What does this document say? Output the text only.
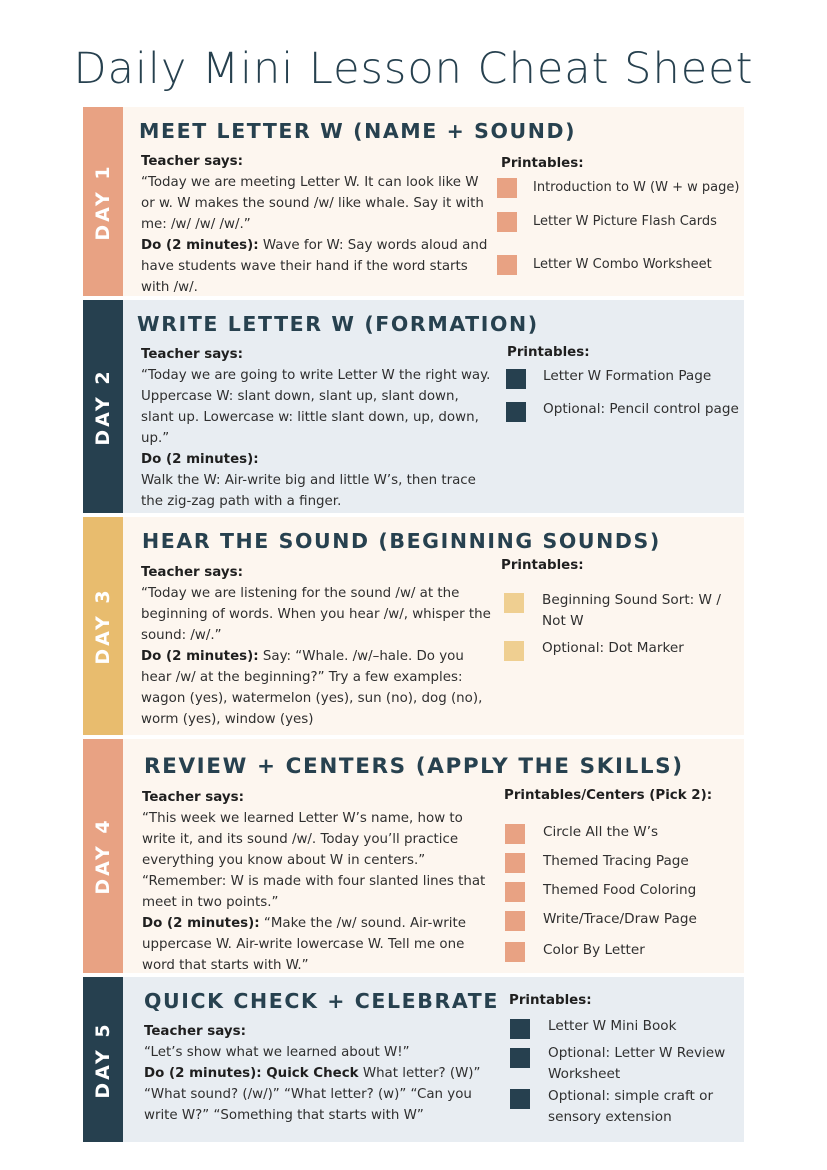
Daily Mini Lesson Cheat Sheet
DAY 1
MEET LETTER W (NAME + SOUND)
Teacher says:
“Today we are meeting Letter W. It can look like W or w. W makes the sound /w/ like whale. Say it with me: /w/ /w/ /w/.”
Do (2 minutes): Wave for W: Say words aloud and have students wave their hand if the word starts with /w/.
Printables:
Introduction to W (W + w page)
Letter W Picture Flash Cards
Letter W Combo Worksheet
DAY 2
WRITE LETTER W (FORMATION)
Teacher says:
“Today we are going to write Letter W the right way. Uppercase W: slant down, slant up, slant down, slant up. Lowercase w: little slant down, up, down, up.”
Do (2 minutes):
Walk the W: Air-write big and little W’s, then trace the zig-zag path with a finger.
Printables:
Letter W Formation Page
Optional: Pencil control page
DAY 3
HEAR THE SOUND (BEGINNING SOUNDS)
Teacher says:
“Today we are listening for the sound /w/ at the beginning of words. When you hear /w/, whisper the sound: /w/.”
Do (2 minutes): Say: “Whale. /w/–hale. Do you hear /w/ at the beginning?” Try a few examples: wagon (yes), watermelon (yes), sun (no), dog (no), worm (yes), window (yes)
Printables:
Beginning Sound Sort: W / Not W
Optional: Dot Marker
DAY 4
REVIEW + CENTERS (APPLY THE SKILLS)
Teacher says:
“This week we learned Letter W’s name, how to write it, and its sound /w/. Today you’ll practice everything you know about W in centers.” “Remember: W is made with four slanted lines that meet in two points.”
Do (2 minutes): “Make the /w/ sound. Air-write uppercase W. Air-write lowercase W. Tell me one word that starts with W.”
Printables/Centers (Pick 2):
Circle All the W’s
Themed Tracing Page
Themed Food Coloring
Write/Trace/Draw Page
Color By Letter
DAY 5
QUICK CHECK + CELEBRATE
Teacher says:
“Let’s show what we learned about W!”
Do (2 minutes): Quick Check What letter? (W)” “What sound? (/w/)” “What letter? (w)” “Can you write W?” “Something that starts with W”
Printables:
Letter W Mini Book
Optional: Letter W Review Worksheet
Optional: simple craft or sensory extension
